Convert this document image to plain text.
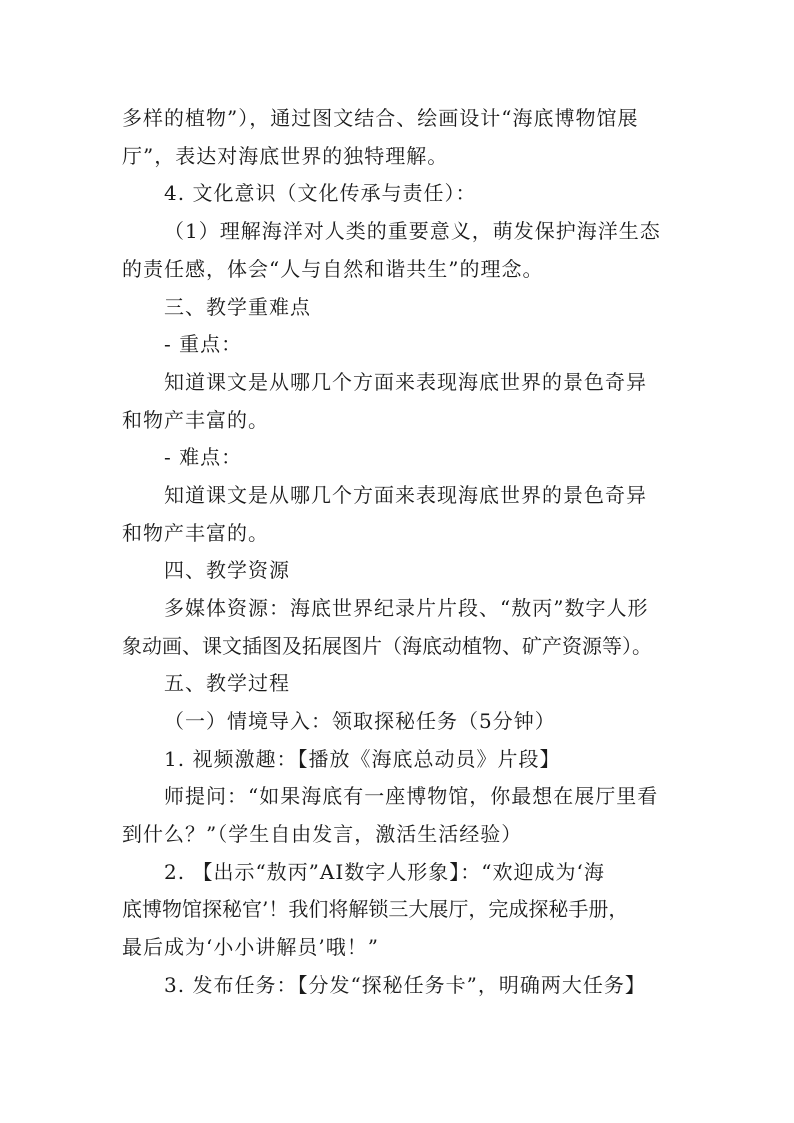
多样的植物”），通过图文结合、绘画设计“海底博物馆展
厅”，表达对海底世界的独特理解。
4. 文化意识（文化传承与责任）：
（1）理解海洋对人类的重要意义，萌发保护海洋生态
的责任感，体会“人与自然和谐共生”的理念。
三、教学重难点
- 重点：
知道课文是从哪几个方面来表现海底世界的景色奇异
和物产丰富的。
- 难点：
知道课文是从哪几个方面来表现海底世界的景色奇异
和物产丰富的。
四、教学资源
多媒体资源：海底世界纪录片片段、“敖丙”数字人形
象动画、课文插图及拓展图片（海底动植物、矿产资源等）。
五、教学过程
（一）情境导入：领取探秘任务（5分钟）
1. 视频激趣：【播放《海底总动员》片段】
师提问：“如果海底有一座博物馆，你最想在展厅里看
到什么？”（学生自由发言，激活生活经验）
2. 【出示“敖丙”AI数字人形象】：“欢迎成为‘海
底博物馆探秘官’！我们将解锁三大展厅，完成探秘手册，
最后成为‘小小讲解员’哦！”
3. 发布任务：【分发“探秘任务卡”，明确两大任务】
